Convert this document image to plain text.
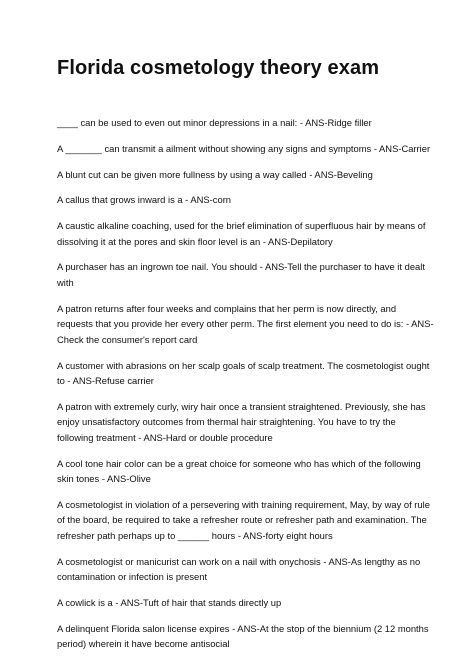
Florida cosmetology theory exam

____ can be used to even out minor depressions in a nail: - ANS-Ridge filler

A _______ can transmit a ailment without showing any signs and symptoms - ANS-Carrier

A blunt cut can be given more fullness by using a way called - ANS-Beveling

A callus that grows inward is a - ANS-corn

A caustic alkaline coaching, used for the brief elimination of superfluous hair by means of dissolving it at the pores and skin floor level is an - ANS-Depilatory

A purchaser has an ingrown toe nail. You should - ANS-Tell the purchaser to have it dealt with

A patron returns after four weeks and complains that her perm is now directly, and requests that you provide her every other perm. The first element you need to do is: - ANS-Check the consumer's report card

A customer with abrasions on her scalp goals of scalp treatment. The cosmetologist ought to - ANS-Refuse carrier

A patron with extremely curly, wiry hair once a transient straightened. Previously, she has enjoy unsatisfactory outcomes from thermal hair straightening. You have to try the following treatment - ANS-Hard or double procedure

A cool tone hair color can be a great choice for someone who has which of the following skin tones - ANS-Olive

A cosmetologist in violation of a persevering with training requirement, May, by way of rule of the board, be required to take a refresher route or refresher path and examination. The refresher path perhaps up to ______ hours - ANS-forty eight hours

A cosmetologist or manicurist can work on a nail with onychosis - ANS-As lengthy as no contamination or infection is present

A cowlick is a - ANS-Tuft of hair that stands directly up

A delinquent Florida salon license expires - ANS-At the stop of the biennium (2 12 months period) wherein it have become antisocial
